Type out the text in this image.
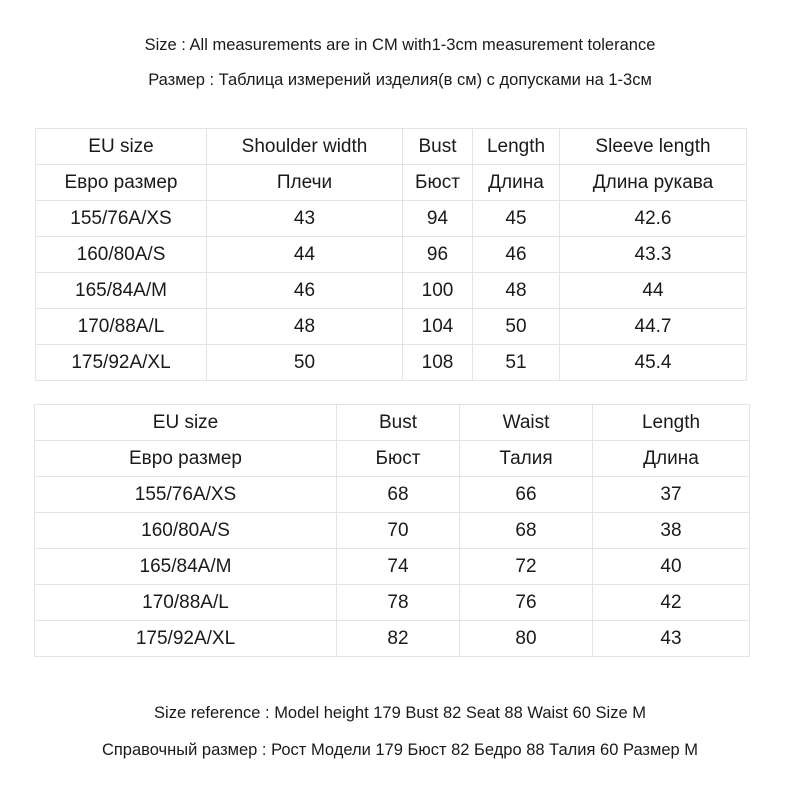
Size : All measurements are in CM with1-3cm measurement tolerance
Размер : Таблица измерений изделия(в см) с допусками на 1-3см
EU size	Shoulder width	Bust	Length	Sleeve length
Евро размер	Плечи	Бюст	Длина	Длина рукава
155/76A/XS	43	94	45	42.6
160/80A/S	44	96	46	43.3
165/84A/M	46	100	48	44
170/88A/L	48	104	50	44.7
175/92A/XL	50	108	51	45.4
EU size	Bust	Waist	Length
Евро размер	Бюст	Талия	Длина
155/76A/XS	68	66	37
160/80A/S	70	68	38
165/84A/M	74	72	40
170/88A/L	78	76	42
175/92A/XL	82	80	43
Size reference : Model height 179 Bust 82 Seat 88 Waist 60 Size M
Справочный размер : Рост Модели 179 Бюст 82 Бедро 88 Талия 60 Размер M
